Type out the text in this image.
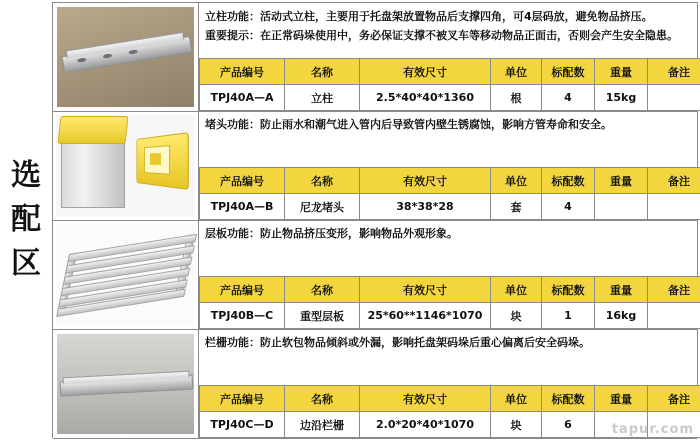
选
配
区
立柱功能：活动式立柱，主要用于托盘架放置物品后支撑四角，可4层码放，避免物品挤压。
重要提示：在正常码垛使用中，务必保证支撑不被叉车等移动物品正面击，否则会产生安全隐患。
产品编号	名称	有效尺寸	单位	标配数	重量	备注
TPJ40A—A	立柱	2.5*40*40*1360	根	4	15kg	
堵头功能：防止雨水和潮气进入管内后导致管内壁生锈腐蚀，影响方管寿命和安全。
产品编号	名称	有效尺寸	单位	标配数	重量	备注
TPJ40A—B	尼龙堵头	38*38*28	套	4		
层板功能：防止物品挤压变形，影响物品外观形象。
产品编号	名称	有效尺寸	单位	标配数	重量	备注
TPJ40B—C	重型层板	25*60**1146*1070	块	1	16kg	
栏栅功能：防止软包物品倾斜或外漏，影响托盘架码垛后重心偏离后安全码垛。
产品编号	名称	有效尺寸	单位	标配数	重量	备注
TPJ40C—D	边沿栏栅	2.0*20*40*1070	块	6			tapur.com
